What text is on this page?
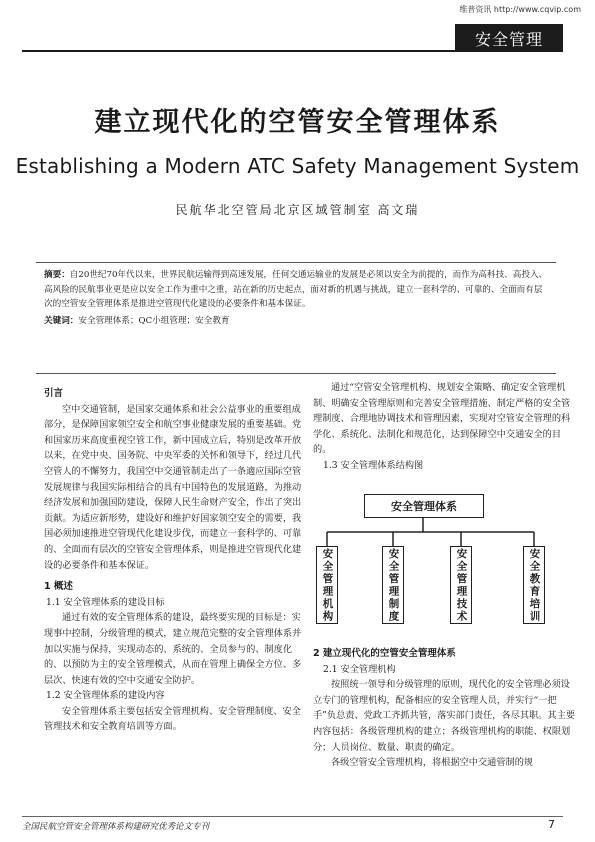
维普资讯 http://www.cqvip.com
安全管理
建立现代化的空管安全管理体系
Establishing a Modern ATC Safety Management System
民航华北空管局北京区域管制室 高文瑞

摘要：自20世纪70年代以来，世界民航运输得到高速发展，任何交通运输业的发展是必须以安全为前提的，而作为高科技、高投入、高风险的民航事业更是应以安全工作为重中之重，站在新的历史起点，面对新的机遇与挑战，建立一套科学的、可靠的、全面而有层次的空管安全管理体系是推进空管现代化建设的必要条件和基本保证。

关键词：安全管理体系；QC小组管理；安全教育

引言

空中交通管制，是国家交通体系和社会公益事业的重要组成部分，是保障国家领空安全和航空事业健康发展的重要基础。党和国家历来高度重视空管工作，新中国成立后，特别是改革开放以来，在党中央、国务院、中央军委的关怀和领导下，经过几代空管人的不懈努力，我国空中交通管制走出了一条適应国际空管发展规律与我国实际相结合的具有中国特色的发展道路，为推动经济发展和加强国防建设，保障人民生命财产安全，作出了突出贡献。为适应新形势，建设好和维护好国家领空安全的需要，我国必须加速推进空管现代化建设步伐，而建立一套科学的、可靠的、全面而有层次的空管安全管理体系，则是推进空管现代化建设的必要条件和基本保证。

1 概述

1.1 安全管理体系的建设目标

通过有效的安全管理体系的建设，最终要实现的目标是：实现事中控制，分级管理的模式，建立规范完整的安全管理体系并加以实施与保持，实现动态的、系统的、全员参与的、制度化的、以预防为主的安全管理模式，从而在管理上确保全方位、多层次、快速有效的空中交通安全防护。

1.2 安全管理体系的建设内容

安全管理体系主要包括安全管理机构、安全管理制度、安全管理技术和安全教育培训等方面。

通过“空管安全管理机构、规划安全策略、确定安全管理机制、明确安全管理原则和完善安全管理措施、制定严格的安全管理制度、合理地协调技术和管理因素，实现对空管安全管理的科学化、系统化、法制化和规范化，达到保障空中交通安全的目的。

1.3 安全管理体系结构图

安全管理体系
安全管理机构	安全管理制度	安全管理技术	安全教育培训

2 建立现代化的空管安全管理体系

2.1 安全管理机构

按照统一领导和分级管理的原则，现代化的安全管理必须设立专门的管理机构，配备相应的安全管理人员，并实行“一把手”负总责、党政工齐抓共管，落实部门责任，各尽其职。其主要内容包括：各级管理机构的建立；各级管理机构的职能、权限划分；人员岗位、数量、职责的确定。

各级空管安全管理机构，将根据空中交通管制的规

全国民航空管安全管理体系构建研究优秀论文专刊	7
